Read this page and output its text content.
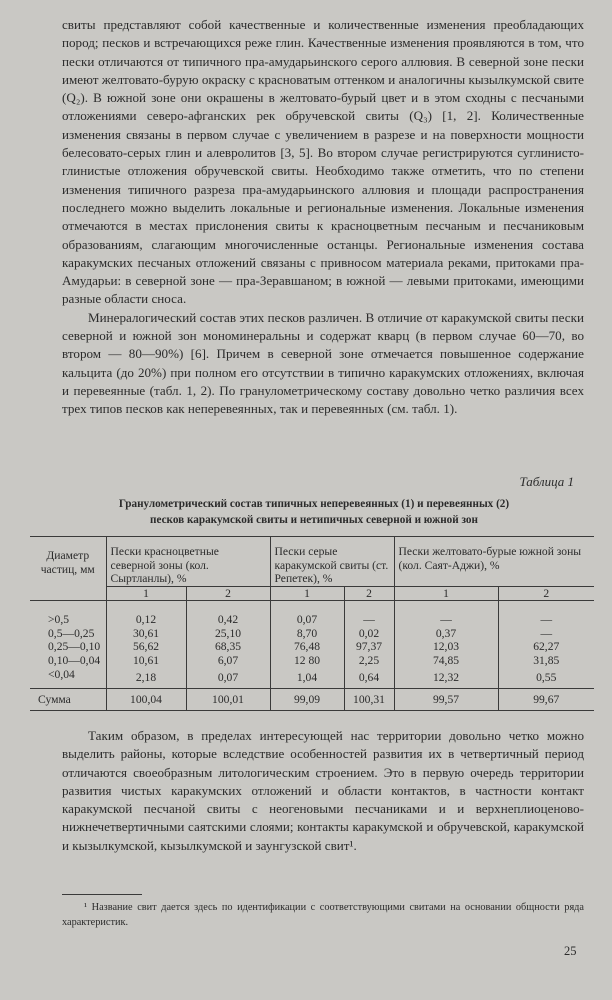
свиты представляют собой качественные и количественные изменения преобладающих пород; песков и встречающихся реже глин. Качественные изменения проявляются в том, что пески отличаются от типичного пра-амударьинского серого аллювия. В северной зоне пески имеют желтовато-бурую окраску с красноватым оттенком и аналогичны кызылкумской свите (Q₂). В южной зоне они окрашены в желтовато-бурый цвет и в этом сходны с песчаными отложениями северо-афганских рек обручевской свиты (Q₃) [1, 2]. Количественные изменения связаны в первом случае с увеличением в разрезе и на поверхности мощности белесовато-серых глин и алевролитов [3, 5]. Во втором случае регистрируются суглинисто-глинистые отложения обручевской свиты. Необходимо также отметить, что по степени изменения типичного разреза пра-амударьинского аллювия и площади распространения последнего можно выделить локальные и региональные изменения. Локальные изменения отмечаются в местах прислонения свиты к красноцветным песчаным и песчаниковым образованиям, слагающим многочисленные останцы. Региональные изменения состава каракумских песчаных отложений связаны с привносом материала реками, притоками пра-Амударьи: в северной зоне — пра-Зеравшаном; в южной — левыми притоками, имеющими разные области сноса.

Минералогический состав этих песков различен. В отличие от каракумской свиты пески северной и южной зон мономинеральны и содержат кварц (в первом случае 60—70, во втором — 80—90%) [6]. Причем в северной зоне отмечается повышенное содержание кальцита (до 20%) при полном его отсутствии в типично каракумских отложениях, включая и перевеянные (табл. 1, 2). По гранулометрическому составу довольно четко различия всех трех типов песков как неперевеянных, так и перевеянных (см. табл. 1).

Таблица 1
Гранулометрический состав типичных неперевеянных (1) и перевеянных (2)
песков каракумской свиты и нетипичных северной и южной зон
Диаметр частиц, мм	Пески красноцветные северной зоны (кол. Сыртланлы), %		Пески серые каракумской свиты (ст. Репетек), %		Пески желтовато-бурые южной зоны (кол. Саят-Аджи), %	
	1	2	1	2	1	2
>0,5	0,12	0,42	0,07	—	—	—
0,5—0,25	30,61	25,10	8,70	0,02	0,37	—
0,25—0,10	56,62	68,35	76,48	97,37	12,03	62,27
0,10—0,04	10,61	6,07	12 80	2,25	74,85	31,85
<0,04	2,18	0,07	1,04	0,64	12,32	0,55
Сумма	100,04	100,01	99,09	100,31	99,57	99,67

Таким образом, в пределах интересующей нас территории довольно четко можно выделить районы, которые вследствие особенностей развития их в четвертичный период отличаются своеобразным литологическим строением. Это в первую очередь территории развития чистых каракумских отложений и области контактов, в частности контакт каракумской песчаной свиты с неогеновыми песчаниками и и верхнеплиоценово-нижнечетвертичными саятскими слоями; контакты каракумской и обручевской, каракумской и кызылкумской, кызылкумской и заунгузской свит¹.

¹ Название свит дается здесь по идентификации с соответствующими свитами на основании общности ряда характеристик.
25
